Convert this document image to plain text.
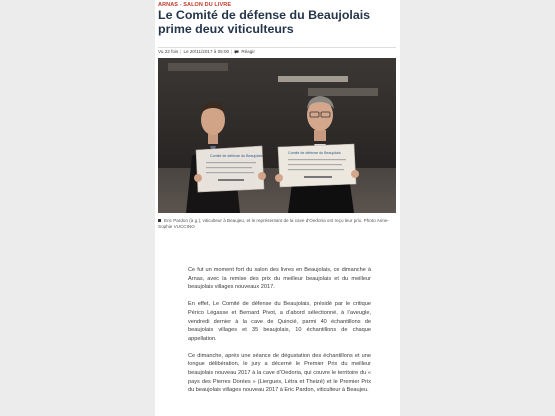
ARNAS - SALON DU LIVRE
Le Comité de défense du Beaujolais prime deux viticulteurs
Vu 22 fois | Le 20/11/2017 à 05:00 | Réagir
Comité de défense du Beaujolais
Comité de défense du Beaujolais
Eric Pardon (à g.), viticulteur à Beaujeu, et le représentant de la cave d’Oedoria ont reçu leur prix. Photo Anne-Sophie VUCCINO

Ce fut un moment fort du salon des livres en Beaujolais, ce dimanche à Arnas, avec la remise des prix du meilleur beaujolais et du meilleur beaujolais villages nouveaux 2017.

En effet, Le Comité de défense du Beaujolais, présidé par le critique Périco Légasse et Bernard Pivot, a d’abord sélectionné, à l’aveugle, vendredi dernier à la cave de Quincié, parmi 40 échantillons de beaujolais villages et 35 beaujolais, 10 échantillons de chaque appellation.

Ce dimanche, après une séance de dégustation des échantillons et une longue délibération, le jury a décerné le Premier Prix du meilleur beaujolais nouveau 2017 à la cave d’Oedoria, qui couvre le territoire du « pays des Pierres Dorées » (Liergues, Létra et Theizé) et le Premier Prix du beaujolais villages nouveau 2017 à Eric Pardon, viticulteur à Beaujeu.
